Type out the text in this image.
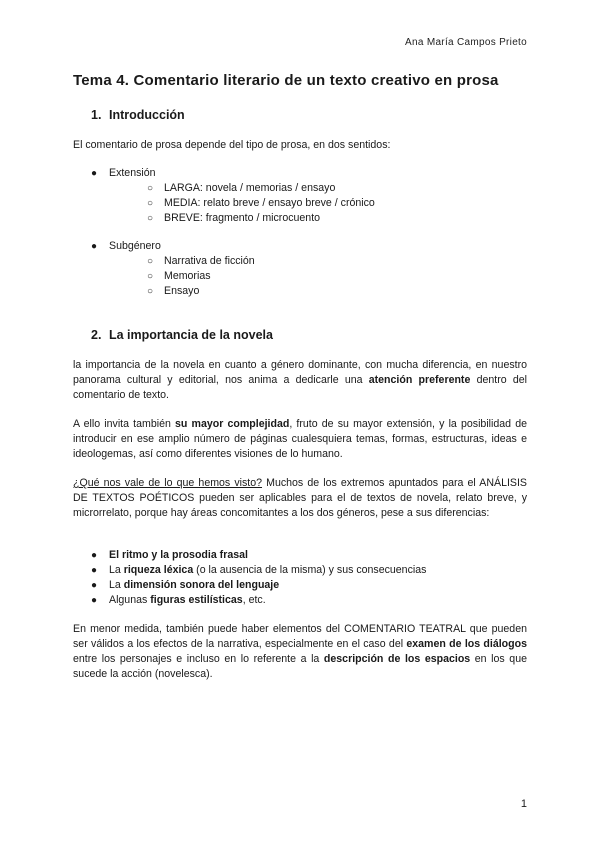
Ana María Campos Prieto
Tema 4. Comentario literario de un texto creativo en prosa
1. Introducción

El comentario de prosa depende del tipo de prosa, en dos sentidos:

● Extensión
○ LARGA: novela / memorias / ensayo
○ MEDIA: relato breve / ensayo breve / crónico
○ BREVE: fragmento / microcuento
● Subgénero
○ Narrativa de ficción
○ Memorias
○ Ensayo
2. La importancia de la novela

la importancia de la novela en cuanto a género dominante, con mucha diferencia, en nuestro panorama cultural y editorial, nos anima a dedicarle una atención preferente dentro del comentario de texto.

A ello invita también su mayor complejidad, fruto de su mayor extensión, y la posibilidad de introducir en ese amplio número de páginas cualesquiera temas, formas, estructuras, ideas e ideologemas, así como diferentes visiones de lo humano.

¿Qué nos vale de lo que hemos visto? Muchos de los extremos apuntados para el ANÁLISIS DE TEXTOS POÉTICOS pueden ser aplicables para el de textos de novela, relato breve, y microrrelato, porque hay áreas concomitantes a los dos géneros, pese a sus diferencias:

● El ritmo y la prosodia frasal
● La riqueza léxica (o la ausencia de la misma) y sus consecuencias
● La dimensión sonora del lenguaje
● Algunas figuras estilísticas, etc.

En menor medida, también puede haber elementos del COMENTARIO TEATRAL que pueden ser válidos a los efectos de la narrativa, especialmente en el caso del examen de los diálogos entre los personajes e incluso en lo referente a la descripción de los espacios en los que sucede la acción (novelesca).

1
